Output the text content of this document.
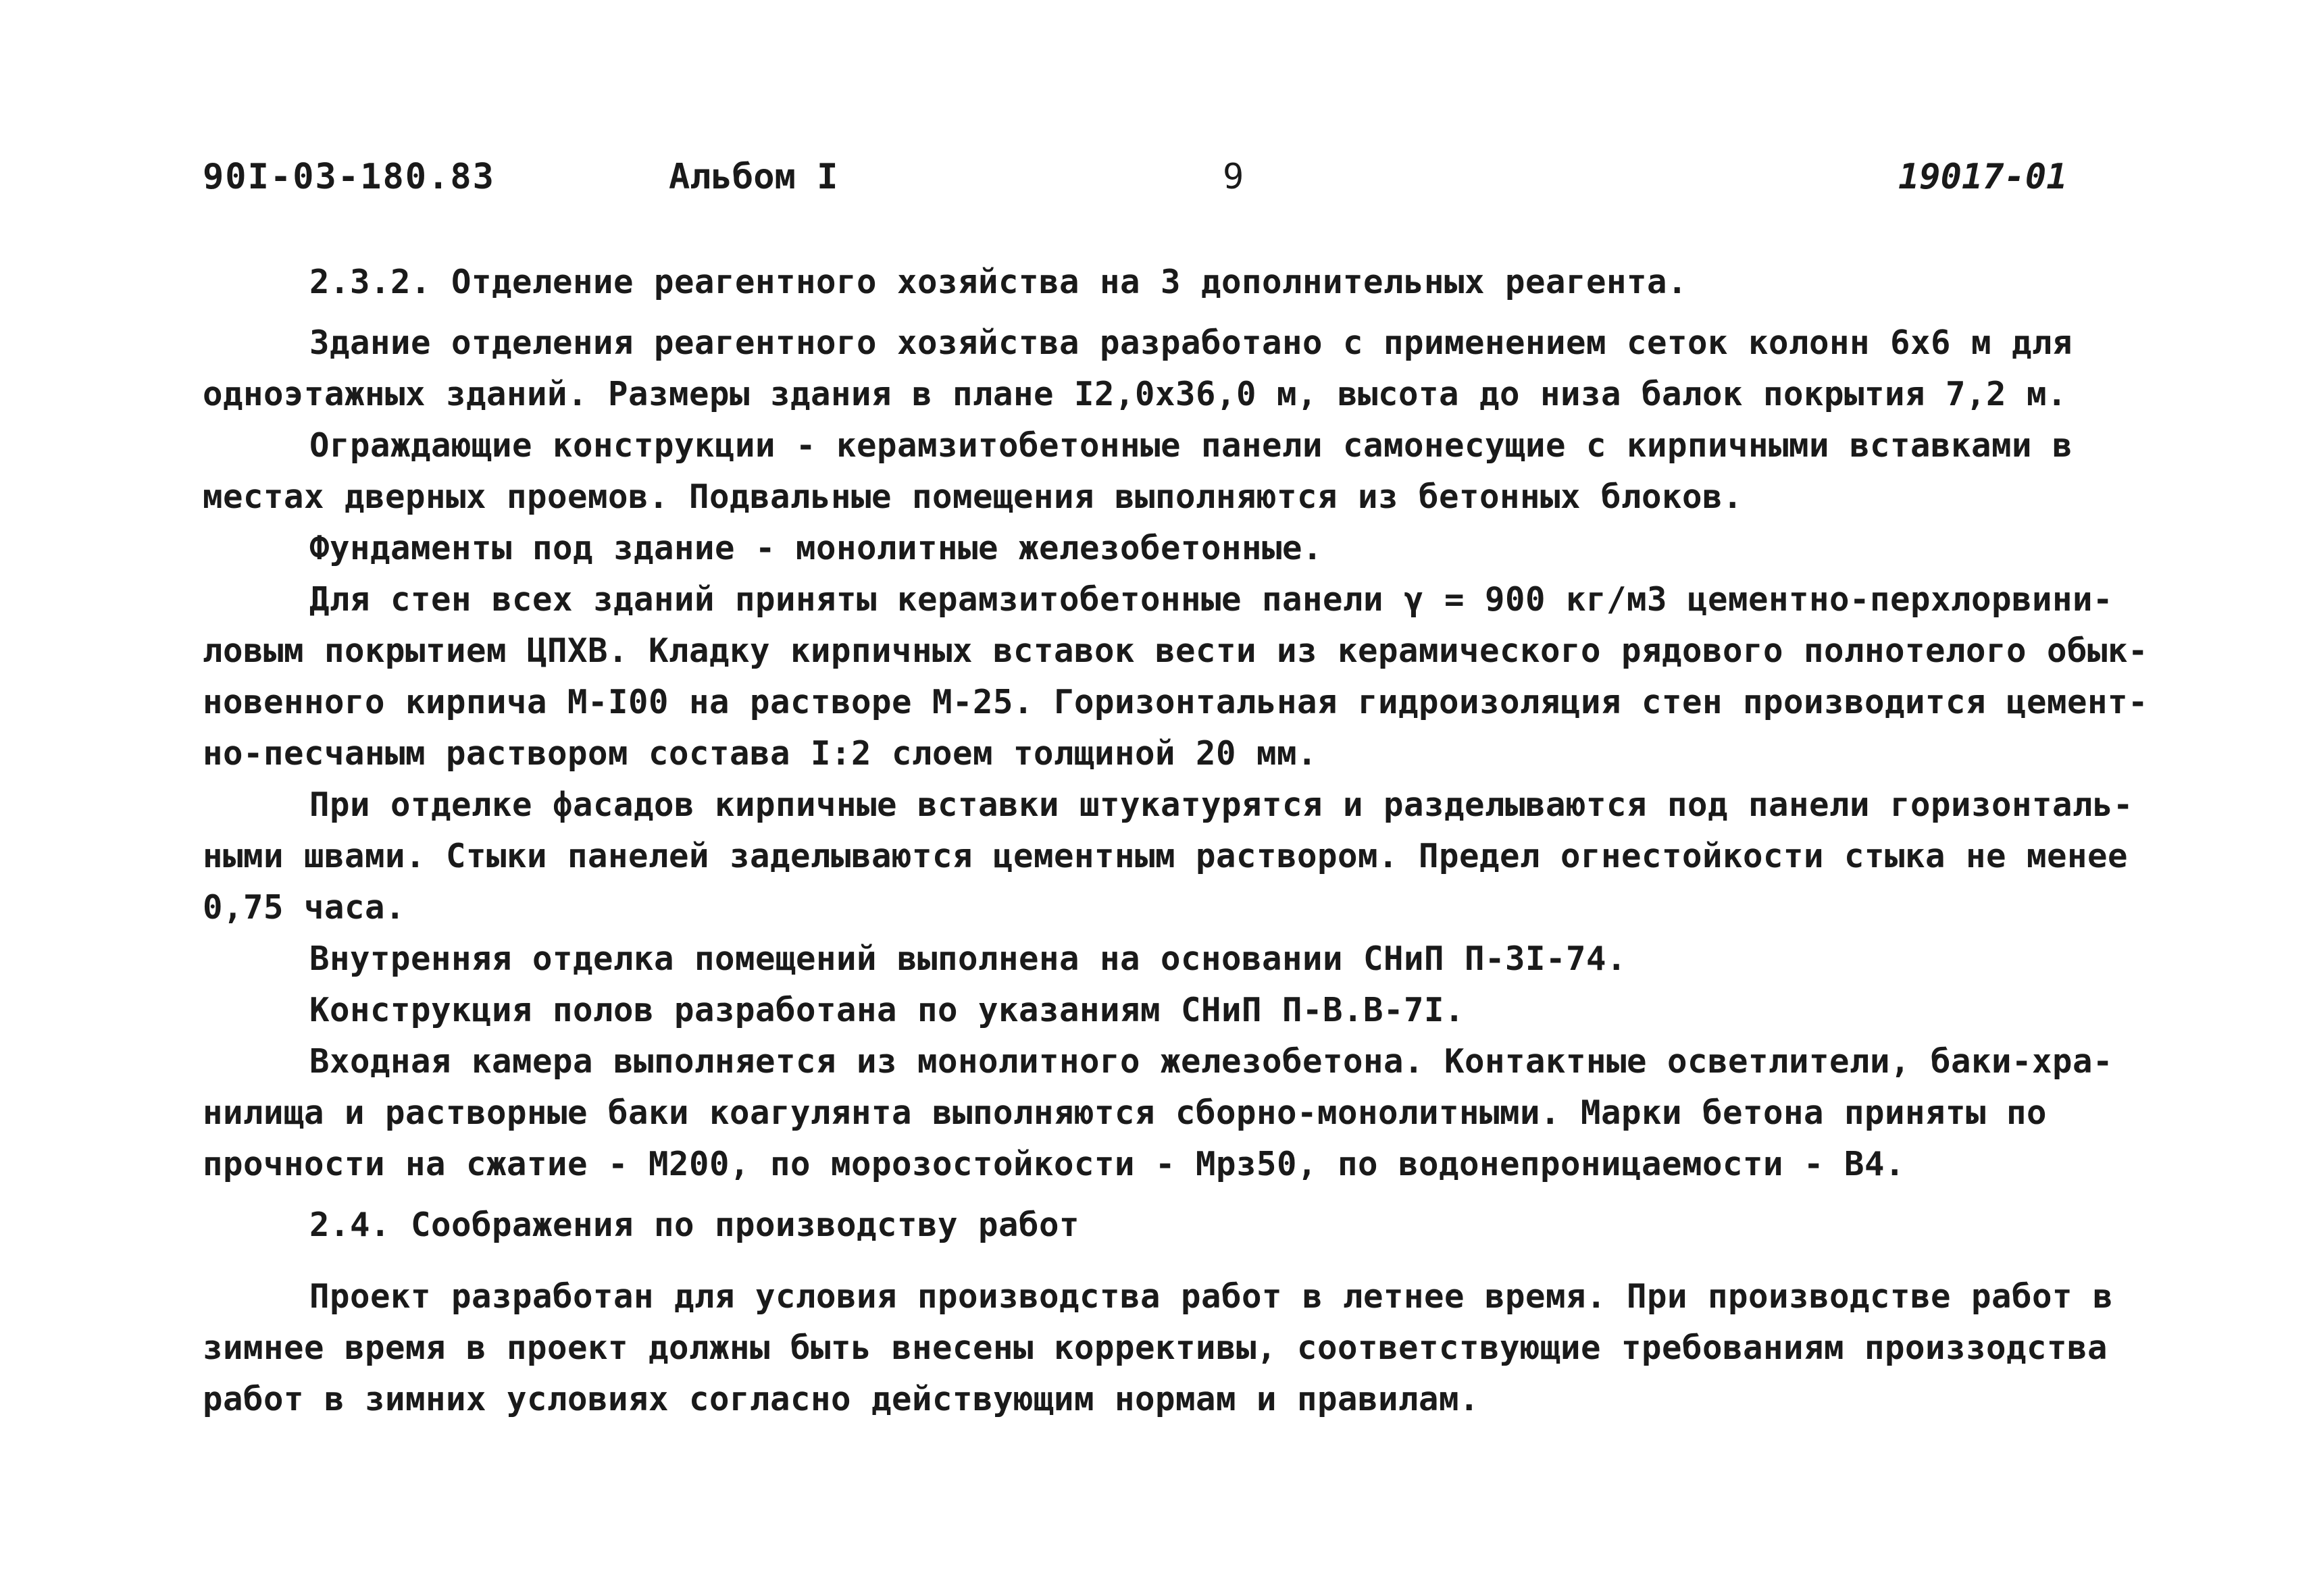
90I-03-180.83	Альбом I	9	19017-01
2.3.2. Отделение реагентного хозяйства на 3 дополнительных реагента.
Здание отделения реагентного хозяйства разработано с применением сеток колонн 6х6 м для
одноэтажных зданий. Размеры здания в плане I2,0х36,0 м, высота до низа балок покрытия 7,2 м.
Ограждающие конструкции - керамзитобетонные панели самонесущие с кирпичными вставками в
местах дверных проемов. Подвальные помещения выполняются из бетонных блоков.
Фундаменты под здание - монолитные железобетонные.
Для стен всех зданий приняты керамзитобетонные панели γ = 900 кг/м3 цементно-перхлорвини-
ловым покрытием ЦПХВ. Кладку кирпичных вставок вести из керамического рядового полнотелого обык-
новенного кирпича М-I00 на растворе М-25. Горизонтальная гидроизоляция стен производится цемент-
но-песчаным раствором состава I:2 слоем толщиной 20 мм.
При отделке фасадов кирпичные вставки штукатурятся и разделываются под панели горизонталь-
ными швами. Стыки панелей заделываются цементным раствором. Предел огнестойкости стыка не менее
0,75 часа.
Внутренняя отделка помещений выполнена на основании СНиП П-3I-74.
Конструкция полов разработана по указаниям СНиП П-В.В-7I.
Входная камера выполняется из монолитного железобетона. Контактные осветлители, баки-хра-
нилища и растворные баки коагулянта выполняются сборно-монолитными. Марки бетона приняты по
прочности на сжатие - М200, по морозостойкости - Мрз50, по водонепроницаемости - В4.
2.4. Соображения по производству работ
Проект разработан для условия производства работ в летнее время. При производстве работ в
зимнее время в проект должны быть внесены коррективы, соответствующие требованиям произзодства
работ в зимних условиях согласно действующим нормам и правилам.
